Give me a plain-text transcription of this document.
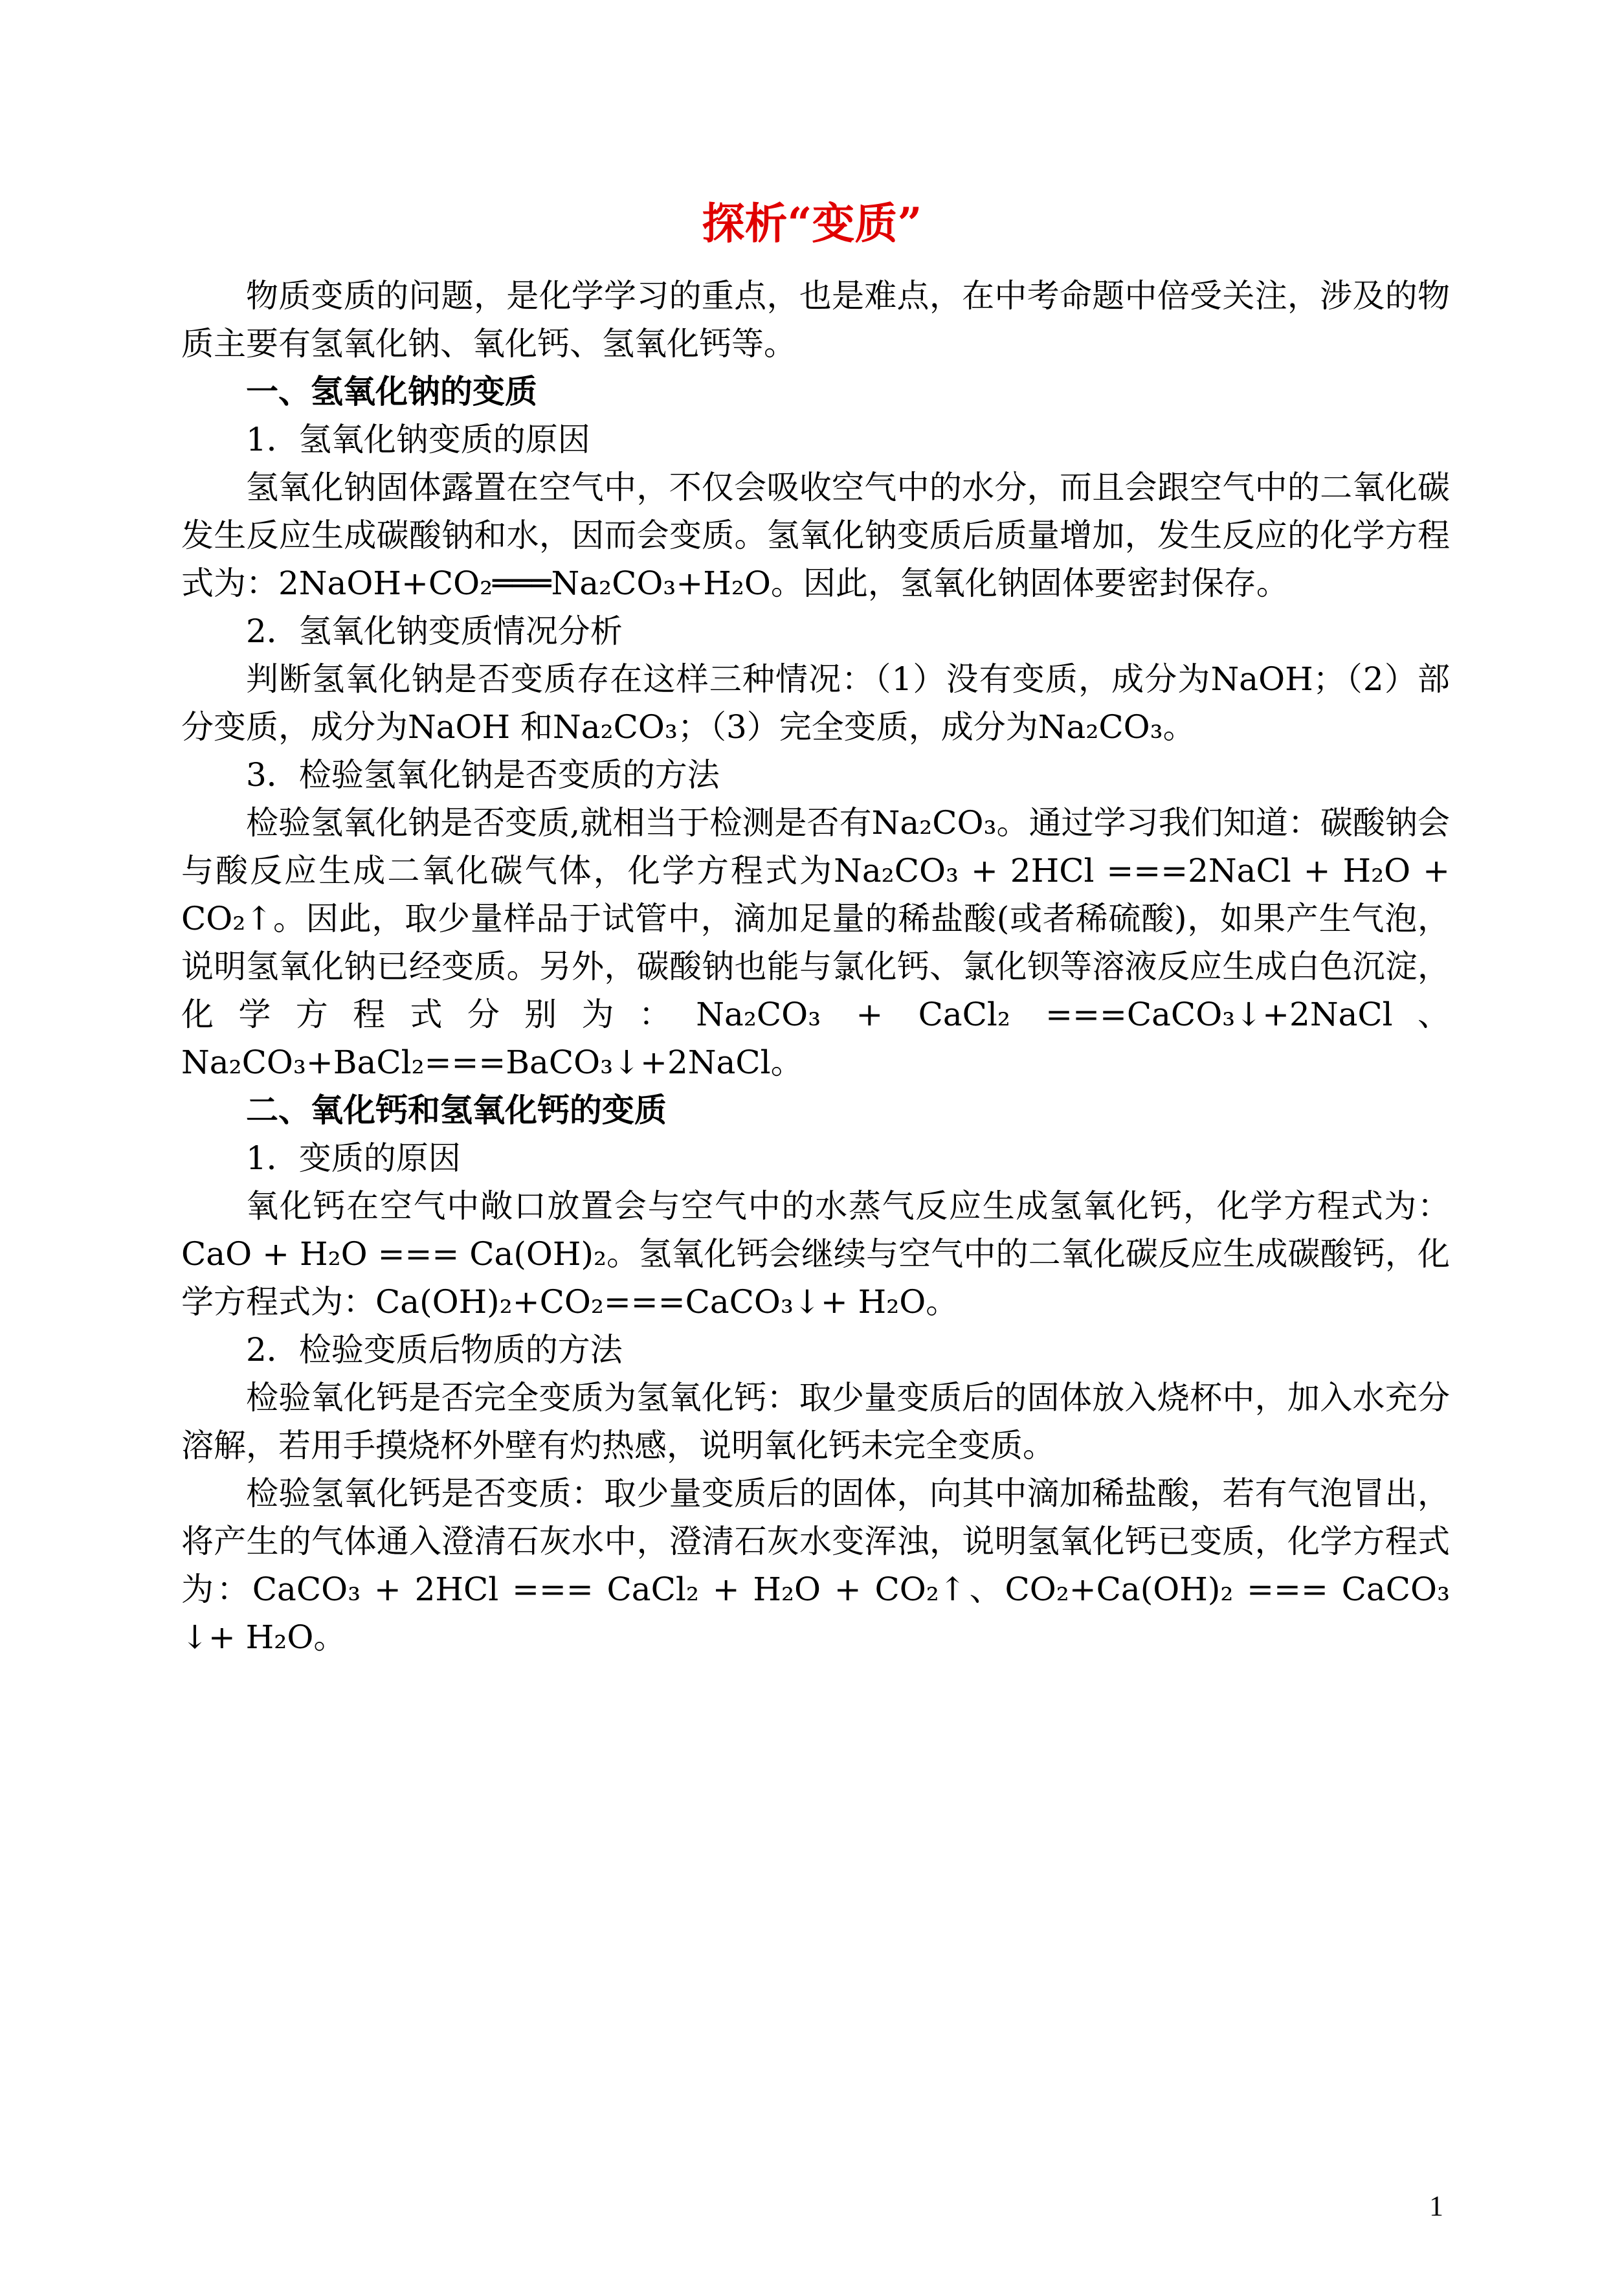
探析“变质”

物质变质的问题，是化学学习的重点，也是难点，在中考命题中倍受关注，涉及的物质主要有氢氧化钠、氧化钙、氢氧化钙等。

一、氢氧化钠的变质

1．氢氧化钠变质的原因

氢氧化钠固体露置在空气中，不仅会吸收空气中的水分，而且会跟空气中的二氧化碳发生反应生成碳酸钠和水，因而会变质。氢氧化钠变质后质量增加，发生反应的化学方程式为：2NaOH+CO₂═══Na₂CO₃+H₂O。因此，氢氧化钠固体要密封保存。

2．氢氧化钠变质情况分析

判断氢氧化钠是否变质存在这样三种情况：（1）没有变质，成分为NaOH；（2）部分变质，成分为NaOH 和Na₂CO₃；（3）完全变质，成分为Na₂CO₃。

3．检验氢氧化钠是否变质的方法

检验氢氧化钠是否变质,就相当于检测是否有Na₂CO₃。通过学习我们知道：碳酸钠会与酸反应生成二氧化碳气体，化学方程式为Na₂CO₃ + 2HCl ===2NaCl + H₂O + CO₂↑。因此，取少量样品于试管中，滴加足量的稀盐酸(或者稀硫酸)，如果产生气泡，说明氢氧化钠已经变质。另外，碳酸钠也能与氯化钙、氯化钡等溶液反应生成白色沉淀，化学方程式分别为：Na₂CO₃ + CaCl₂ ===CaCO₃↓+2NaCl、Na₂CO₃+BaCl₂===BaCO₃↓+2NaCl。

二、氧化钙和氢氧化钙的变质

1．变质的原因

氧化钙在空气中敞口放置会与空气中的水蒸气反应生成氢氧化钙，化学方程式为：CaO + H₂O === Ca(OH)₂。氢氧化钙会继续与空气中的二氧化碳反应生成碳酸钙，化学方程式为：Ca(OH)₂+CO₂===CaCO₃↓+ H₂O。

2．检验变质后物质的方法

检验氧化钙是否完全变质为氢氧化钙：取少量变质后的固体放入烧杯中，加入水充分溶解，若用手摸烧杯外壁有灼热感，说明氧化钙未完全变质。

检验氢氧化钙是否变质：取少量变质后的固体，向其中滴加稀盐酸，若有气泡冒出，将产生的气体通入澄清石灰水中，澄清石灰水变浑浊，说明氢氧化钙已变质，化学方程式为：CaCO₃ + 2HCl === CaCl₂ + H₂O + CO₂↑、CO₂+Ca(OH)₂ === CaCO₃ ↓+ H₂O。

1
